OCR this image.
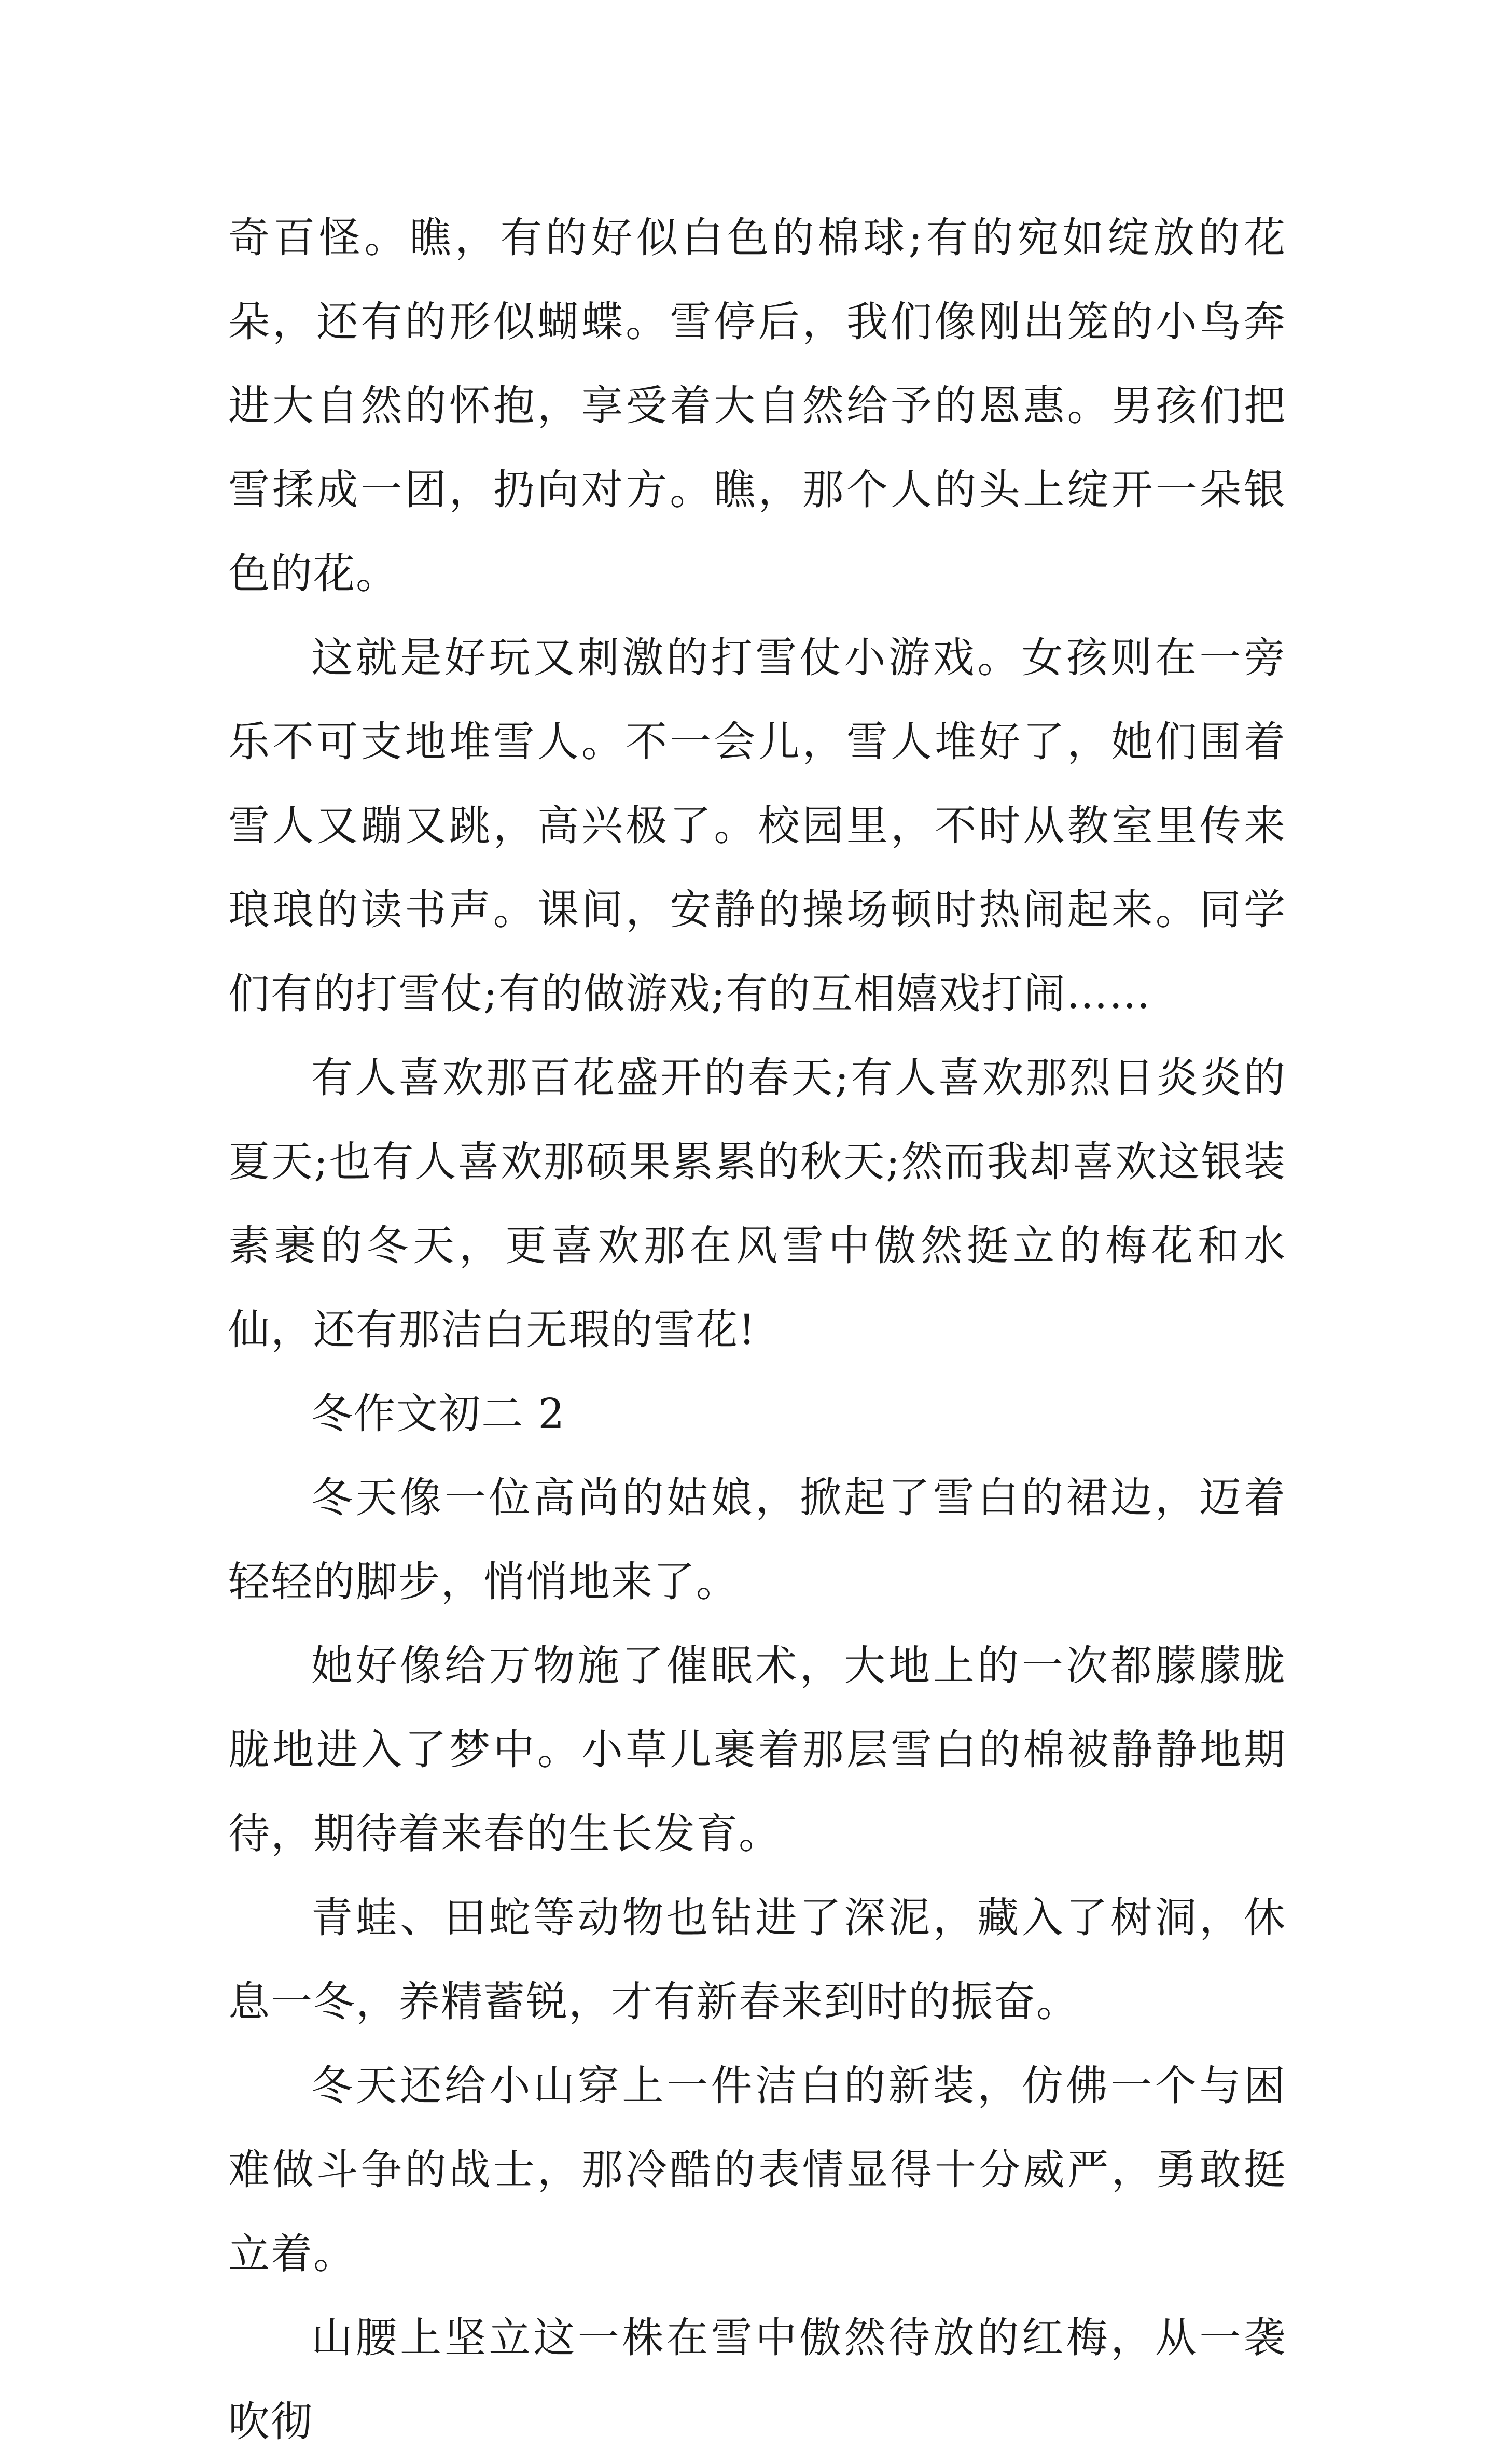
奇百怪。瞧，有的好似白色的棉球;有的宛如绽放的花朵，还有的形似蝴蝶。雪停后，我们像刚出笼的小鸟奔进大自然的怀抱，享受着大自然给予的恩惠。男孩们把雪揉成一团，扔向对方。瞧，那个人的头上绽开一朵银色的花。

这就是好玩又刺激的打雪仗小游戏。女孩则在一旁乐不可支地堆雪人。不一会儿，雪人堆好了，她们围着雪人又蹦又跳，高兴极了。校园里，不时从教室里传来琅琅的读书声。课间，安静的操场顿时热闹起来。同学们有的打雪仗;有的做游戏;有的互相嬉戏打闹……

有人喜欢那百花盛开的春天;有人喜欢那烈日炎炎的夏天;也有人喜欢那硕果累累的秋天;然而我却喜欢这银装素裹的冬天，更喜欢那在风雪中傲然挺立的梅花和水仙，还有那洁白无瑕的雪花!

冬作文初二 2

冬天像一位高尚的姑娘，掀起了雪白的裙边，迈着轻轻的脚步，悄悄地来了。

她好像给万物施了催眠术，大地上的一次都朦朦胧胧地进入了梦中。小草儿裹着那层雪白的棉被静静地期待，期待着来春的生长发育。

青蛙、田蛇等动物也钻进了深泥，藏入了树洞，休息一冬，养精蓄锐，才有新春来到时的振奋。

冬天还给小山穿上一件洁白的新装，仿佛一个与困难做斗争的战士，那冷酷的表情显得十分威严，勇敢挺立着。

山腰上坚立这一株在雪中傲然待放的红梅，从一袭吹彻
